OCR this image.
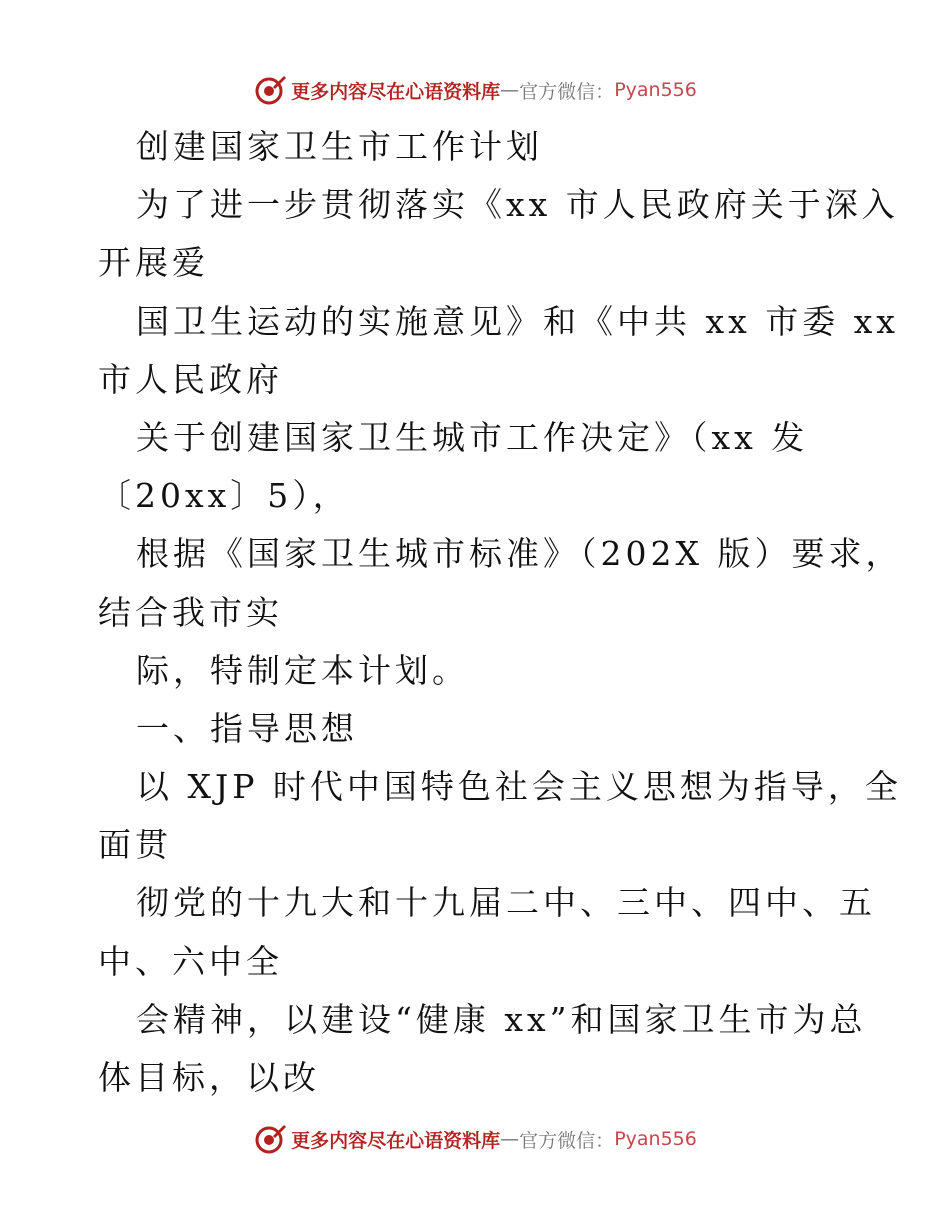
更多内容尽在心语资料库 — 官方微信： Pyan556
创建国家卫生市工作计划
为了进一步贯彻落实《xx 市人民政府关于深入
开展爱
国卫生运动的实施意见》和《中共 xx 市委 xx
市人民政府
关于创建国家卫生城市工作决定》（xx 发
〔20xx〕5），
根据《国家卫生城市标准》（202X 版）要求，
结合我市实
际，特制定本计划。
一、指导思想
以 XJP 时代中国特色社会主义思想为指导，全
面贯
彻党的十九大和十九届二中、三中、四中、五
中、六中全
会精神，以建设“健康 xx”和国家卫生市为总
体目标，以改
更多内容尽在心语资料库 — 官方微信： Pyan556
